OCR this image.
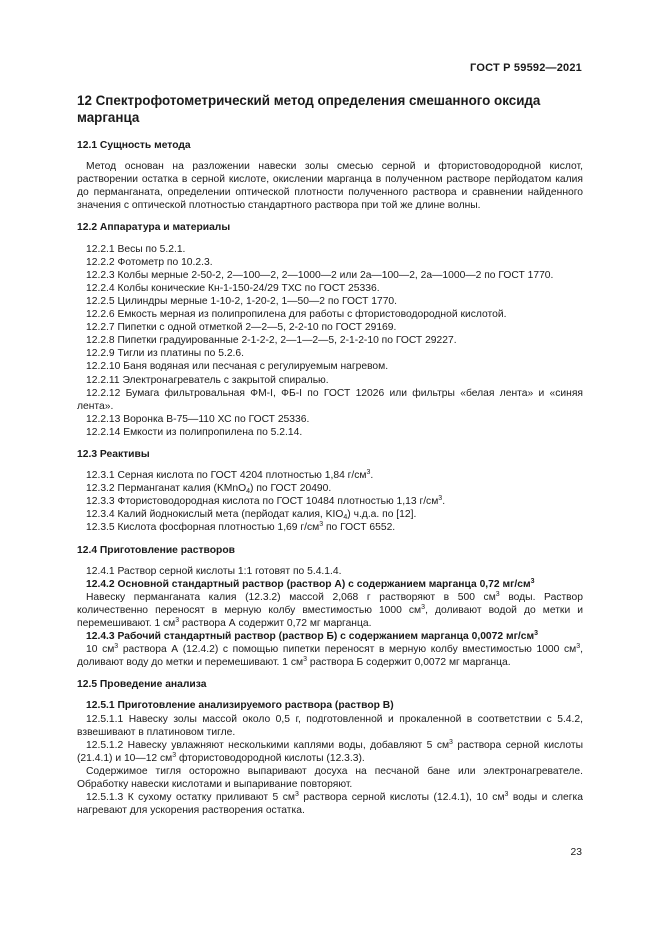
ГОСТ Р 59592—2021
12 Спектрофотометрический метод определения смешанного оксида марганца
12.1 Сущность метода

Метод основан на разложении навески золы смесью серной и фтористоводородной кислот, растворении остатка в серной кислоте, окислении марганца в полученном растворе перйодатом калия до перманганата, определении оптической плотности полученного раствора и сравнении найденного значения с оптической плотностью стандартного раствора при той же длине волны.

12.2 Аппаратура и материалы

12.2.1 Весы по 5.2.1.

12.2.2 Фотометр по 10.2.3.

12.2.3 Колбы мерные 2-50-2, 2—100—2, 2—1000—2 или 2а—100—2, 2а—1000—2 по ГОСТ 1770.

12.2.4 Колбы конические Кн-1-150-24/29 ТХС по ГОСТ 25336.

12.2.5 Цилиндры мерные 1-10-2, 1-20-2, 1—50—2 по ГОСТ 1770.

12.2.6 Емкость мерная из полипропилена для работы с фтористоводородной кислотой.

12.2.7 Пипетки с одной отметкой 2—2—5, 2-2-10 по ГОСТ 29169.

12.2.8 Пипетки градуированные 2-1-2-2, 2—1—2—5, 2-1-2-10 по ГОСТ 29227.

12.2.9 Тигли из платины по 5.2.6.

12.2.10 Баня водяная или песчаная с регулируемым нагревом.

12.2.11 Электронагреватель с закрытой спиралью.

12.2.12 Бумага фильтровальная ФМ-I, ФБ-I по ГОСТ 12026 или фильтры «белая лента» и «синяя лента».

12.2.13 Воронка В-75—110 ХС по ГОСТ 25336.

12.2.14 Емкости из полипропилена по 5.2.14.

12.3 Реактивы

12.3.1 Серная кислота по ГОСТ 4204 плотностью 1,84 $г/см^3$.

12.3.2 Перманганат калия (KMnO$_4$) по ГОСТ 20490.

12.3.3 Фтористоводородная кислота по ГОСТ 10484 плотностью 1,13 $г/см^3$.

12.3.4 Калий йоднокислый мета (перйодат калия, $KIO_4$) ч.д.а. по [12].

12.3.5 Кислота фосфорная плотностью 1,69 $г/см^3$ по ГОСТ 6552.

12.4 Приготовление растворов

12.4.1 Раствор серной кислоты 1:1 готовят по 5.4.1.4.

12.4.2 Основной стандартный раствор (раствор А) с содержанием марганца 0,72 $мг/см^3$

Навеску перманганата калия (12.3.2) массой 2,068 г растворяют в 500 $см^3$ воды. Раствор количественно переносят в мерную колбу вместимостью 1000 $см^3$, доливают водой до метки и перемешивают. 1 $см^3$ раствора А содержит 0,72 мг марганца.

12.4.3 Рабочий стандартный раствор (раствор Б) с содержанием марганца 0,0072 $мг/см^3$

10 $см^3$ раствора А (12.4.2) с помощью пипетки переносят в мерную колбу вместимостью 1000 $см^3$, доливают воду до метки и перемешивают. 1 $см^3$ раствора Б содержит 0,0072 мг марганца.

12.5 Проведение анализа

12.5.1 Приготовление анализируемого раствора (раствор В)

12.5.1.1 Навеску золы массой около 0,5 г, подготовленной и прокаленной в соответствии с 5.4.2, взвешивают в платиновом тигле.

12.5.1.2 Навеску увлажняют несколькими каплями воды, добавляют 5 $см^3$ раствора серной кислоты (21.4.1) и 10—12 $см^3$ фтористоводородной кислоты (12.3.3).

Содержимое тигля осторожно выпаривают досуха на песчаной бане или электронагревателе. Обработку навески кислотами и выпаривание повторяют.

12.5.1.3 К сухому остатку приливают 5 $см^3$ раствора серной кислоты (12.4.1), 10 $см^3$ воды и слегка нагревают для ускорения растворения остатка.

23
